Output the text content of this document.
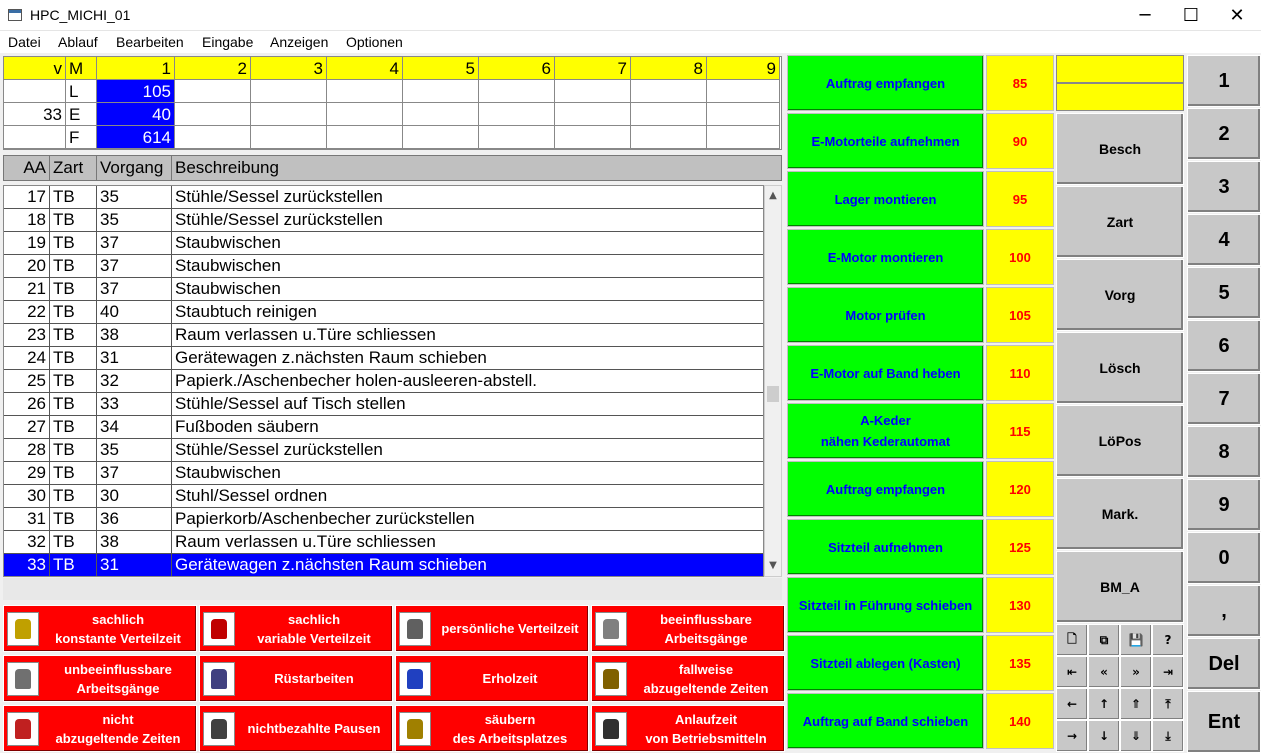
HPC_MICHI_01	─	☐	✕
Datei Ablauf Bearbeiten Eingabe Anzeigen Optionen
v M	1	2	3	4	5	6	7	8	9
L	105
33 E	40
F	614
AA Zart Vorgang Beschreibung
17 TB	35	Stühle/Sessel zurückstellen
18 TB	35	Stühle/Sessel zurückstellen
19 TB	37	Staubwischen
20 TB	37	Staubwischen
21 TB	37	Staubwischen
22 TB	40	Staubtuch reinigen
23 TB	38	Raum verlassen u.Türe schliessen
24 TB	31	Gerätewagen z.nächsten Raum schieben
25 TB	32	Papierk./Aschenbecher holen-ausleeren-abstell.
26 TB	33	Stühle/Sessel auf Tisch stellen
27 TB	34	Fußboden säubern
28 TB	35	Stühle/Sessel zurückstellen
29 TB	37	Staubwischen
30 TB	30	Stuhl/Sessel ordnen
31 TB	36	Papierkorb/Aschenbecher zurückstellen
32 TB	38	Raum verlassen u.Türe schliessen
33 TB	31	Gerätewagen z.nächsten Raum schieben
▲
▼
sachlich
konstante Verteilzeit
sachlich
variable Verteilzeit
persönliche Verteilzeit
beeinflussbare
Arbeitsgänge
unbeeinflussbare
Arbeitsgänge
Rüstarbeiten	Erholzeit
fallweise
abzugeltende Zeiten
nicht
abzugeltende Zeiten
nichtbezahlte Pausen
säubern
des Arbeitsplatzes
Anlaufzeit
von Betriebsmitteln
Auftrag empfangen	85
E-Motorteile aufnehmen	90
Lager montieren	95
E-Motor montieren	100
Motor prüfen	105
E-Motor auf Band heben	110
A-Keder
nähen Kederautomat
115
Auftrag empfangen	120
Sitzteil aufnehmen	125
Sitzteil in Führung schieben	130
Sitzteil ablegen (Kasten)	135
Auftrag auf Band schieben	140
Besch
Zart
Vorg
Lösch
LöPos
Mark.
BM_A
🗋	⧉	💾	?
⇤	«	»	⇥
←	↑	⇑	⤒
→	↓	⇓	⤓
1
2
3
4
5
6
7
8
9
0
,
Del
Ent
